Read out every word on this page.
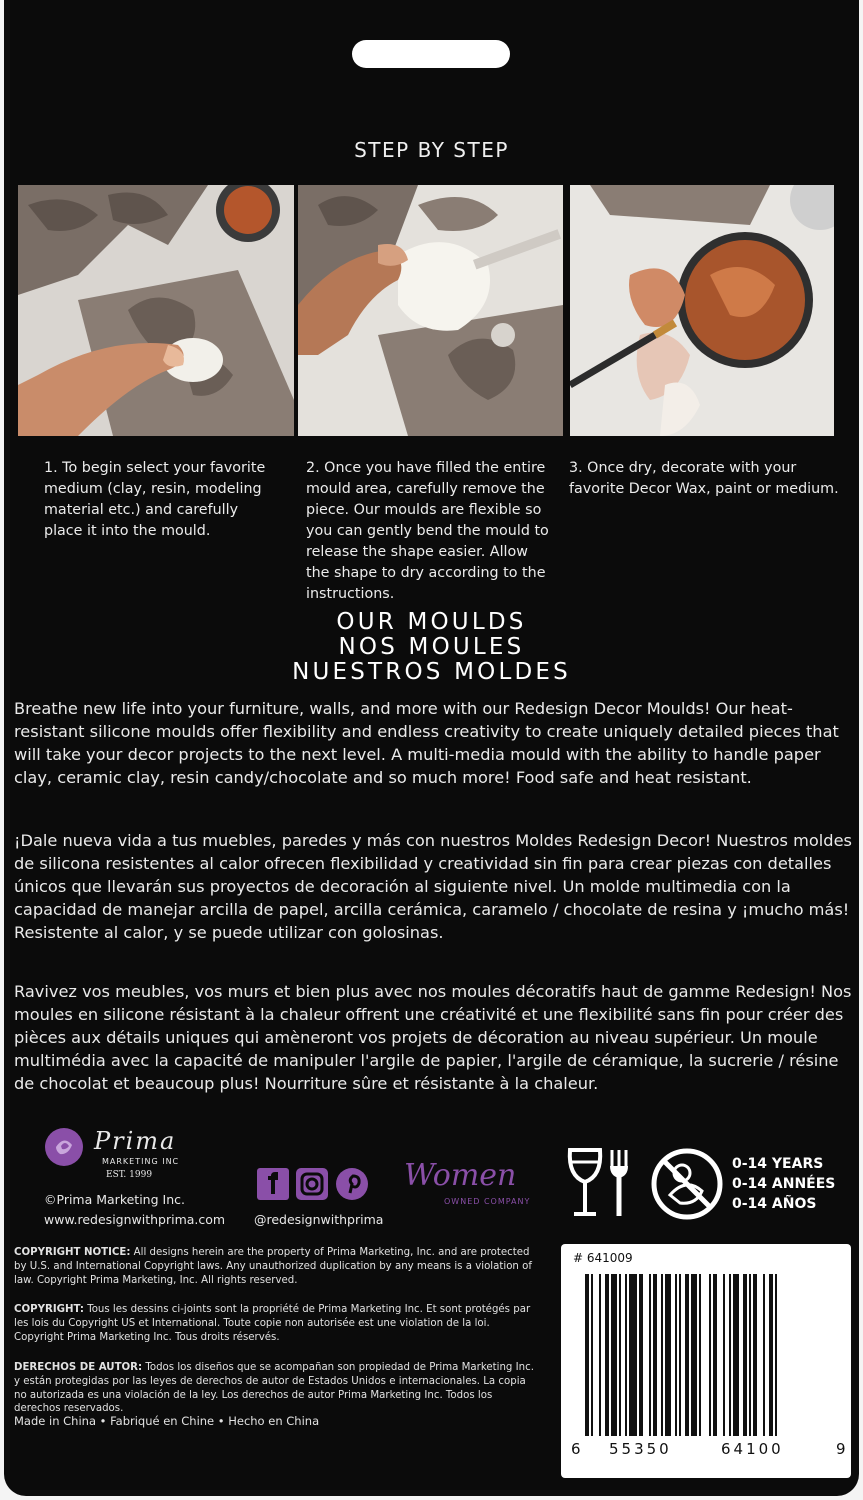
STEP BY STEP
1. To begin select your favorite medium (clay, resin, modeling material etc.) and carefully place it into the mould.
2. Once you have filled the entire mould area, carefully remove the piece. Our moulds are flexible so you can gently bend the mould to release the shape easier. Allow the shape to dry according to the instructions.
3. Once dry, decorate with your favorite Decor Wax, paint or medium.
OUR MOULDS
NOS MOULES
NUESTROS MOLDES
Breathe new life into your furniture, walls, and more with our Redesign Decor Moulds! Our heat-resistant silicone moulds offer flexibility and endless creativity to create uniquely detailed pieces that will take your decor projects to the next level. A multi-media mould with the ability to handle paper clay, ceramic clay, resin candy/chocolate and so much more! Food safe and heat resistant.
¡Dale nueva vida a tus muebles, paredes y más con nuestros Moldes Redesign Decor! Nuestros moldes de silicona resistentes al calor ofrecen flexibilidad y creatividad sin fin para crear piezas con detalles únicos que llevarán sus proyectos de decoración al siguiente nivel. Un molde multimedia con la capacidad de manejar arcilla de papel, arcilla cerámica, caramelo / chocolate de resina y ¡mucho más! Resistente al calor, y se puede utilizar con golosinas.
Ravivez vos meubles, vos murs et bien plus avec nos moules décoratifs haut de gamme Redesign! Nos moules en silicone résistant à la chaleur offrent une créativité et une flexibilité sans fin pour créer des pièces aux détails uniques qui amèneront vos projets de décoration au niveau supérieur. Un moule multimédia avec la capacité de manipuler l'argile de papier, l'argile de céramique, la sucrerie / résine de chocolat et beaucoup plus! Nourriture sûre et résistante à la chaleur.
Prima
MARKETING INC
EST. 1999
©Prima Marketing Inc.
www.redesignwithprima.com @redesignwithprima
Women
OWNED COMPANY
0-14 YEARS
0-14 ANNÉES
0-14 AÑOS
COPYRIGHT NOTICE: All designs herein are the property of Prima Marketing, Inc. and are protected by U.S. and International Copyright laws. Any unauthorized duplication by any means is a violation of law. Copyright Prima Marketing, Inc. All rights reserved.
COPYRIGHT: Tous les dessins ci-joints sont la propriété de Prima Marketing Inc. Et sont protégés par les lois du Copyright US et International. Toute copie non autorisée est une violation de la loi. Copyright Prima Marketing Inc. Tous droits réservés.
DERECHOS DE AUTOR: Todos los diseños que se acompañan son propiedad de Prima Marketing Inc. y están protegidas por las leyes de derechos de autor de Estados Unidos e internacionales. La copia no autorizada es una violación de la ley. Los derechos de autor Prima Marketing Inc. Todos los derechos reservados.
Made in China • Fabriqué en Chine • Hecho en China
# 641009
6 55350	64100	9
